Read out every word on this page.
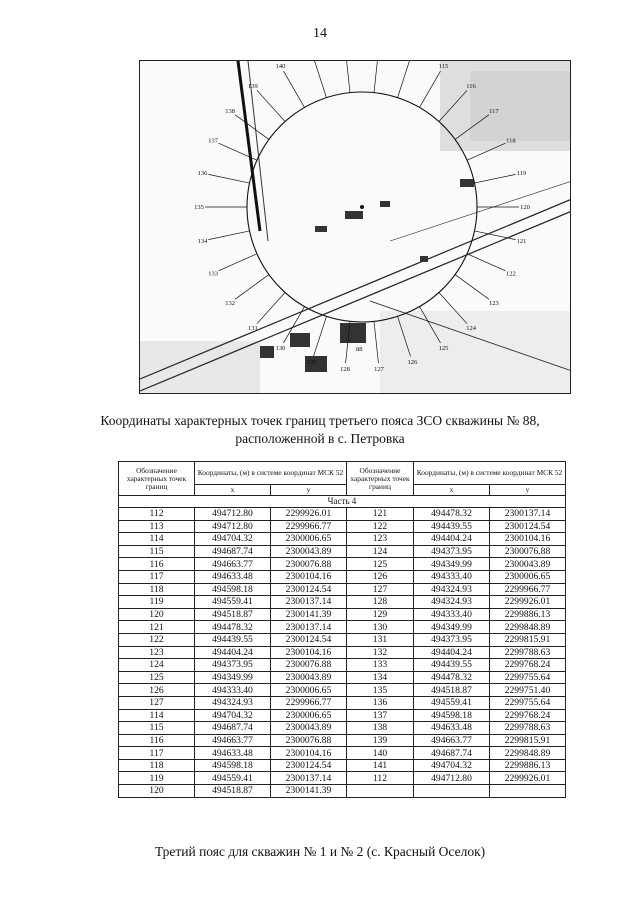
14
115
116
117
118
119
120
121
122
123
124
125
126
127
128
129
130
131
132
133
134
135
136
137
138
139
140
88
Координаты характерных точек границ третьего пояса ЗСО скважины № 88,
расположенной в с. Петровка
Обозначение характерных точек границ	Координаты, (м) в системе координат МСК 52		Обозначение характерных точек границ	Координаты, (м) в системе координат МСК 52	
	x	y		x	y
Часть 4					
112	494712.80	2299926.01	121	494478.32	2300137.14
113	494712.80	2299966.77	122	494439.55	2300124.54
114	494704.32	2300006.65	123	494404.24	2300104.16
115	494687.74	2300043.89	124	494373.95	2300076.88
116	494663.77	2300076.88	125	494349.99	2300043.89
117	494633.48	2300104.16	126	494333.40	2300006.65
118	494598.18	2300124.54	127	494324.93	2299966.77
119	494559.41	2300137.14	128	494324.93	2299926.01
120	494518.87	2300141.39	129	494333.40	2299886.13
121	494478.32	2300137.14	130	494349.99	2299848.89
122	494439.55	2300124.54	131	494373.95	2299815.91
123	494404.24	2300104.16	132	494404.24	2299788.63
124	494373.95	2300076.88	133	494439.55	2299768.24
125	494349.99	2300043.89	134	494478.32	2299755.64
126	494333.40	2300006.65	135	494518.87	2299751.40
127	494324.93	2299966.77	136	494559.41	2299755.64
114	494704.32	2300006.65	137	494598.18	2299768.24
115	494687.74	2300043.89	138	494633.48	2299788.63
116	494663.77	2300076.88	139	494663.77	2299815.91
117	494633.48	2300104.16	140	494687.74	2299848.89
118	494598.18	2300124.54	141	494704.32	2299886.13
119	494559.41	2300137.14	112	494712.80	2299926.01
120	494518.87	2300141.39			
Третий пояс для скважин № 1 и № 2 (с. Красный Оселок)
